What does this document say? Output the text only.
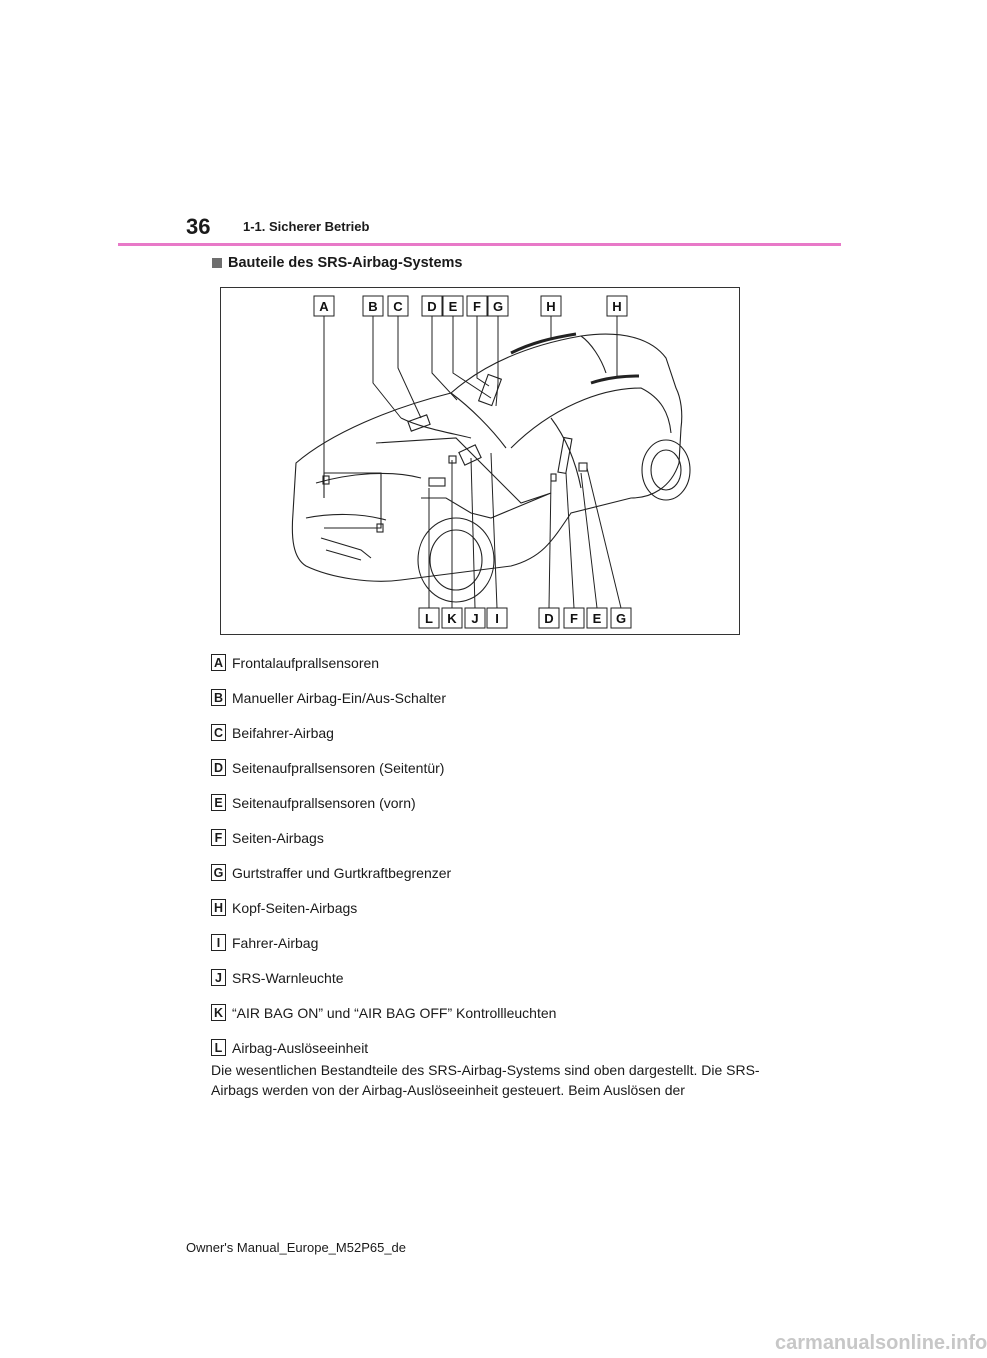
36	1-1. Sicherer Betrieb
Bauteile des SRS-Airbag-Systems
A	B C D E F G	H	H
L K J I	D F E G
A Frontalaufprallsensoren
B Manueller Airbag-Ein/Aus-Schalter
C Beifahrer-Airbag
D Seitenaufprallsensoren (Seitentür)
E Seitenaufprallsensoren (vorn)
F Seiten-Airbags
G Gurtstraffer und Gurtkraftbegrenzer
H Kopf-Seiten-Airbags
I Fahrer-Airbag
J SRS-Warnleuchte
K “AIR BAG ON” und “AIR BAG OFF” Kontrollleuchten
L Airbag-Auslöseeinheit
Die wesentlichen Bestandteile des SRS-Airbag-Systems sind oben dargestellt. Die SRS-Airbags werden von der Airbag-Auslöseeinheit gesteuert. Beim Auslösen der
Owner's Manual_Europe_M52P65_de
carmanualsonline.info
